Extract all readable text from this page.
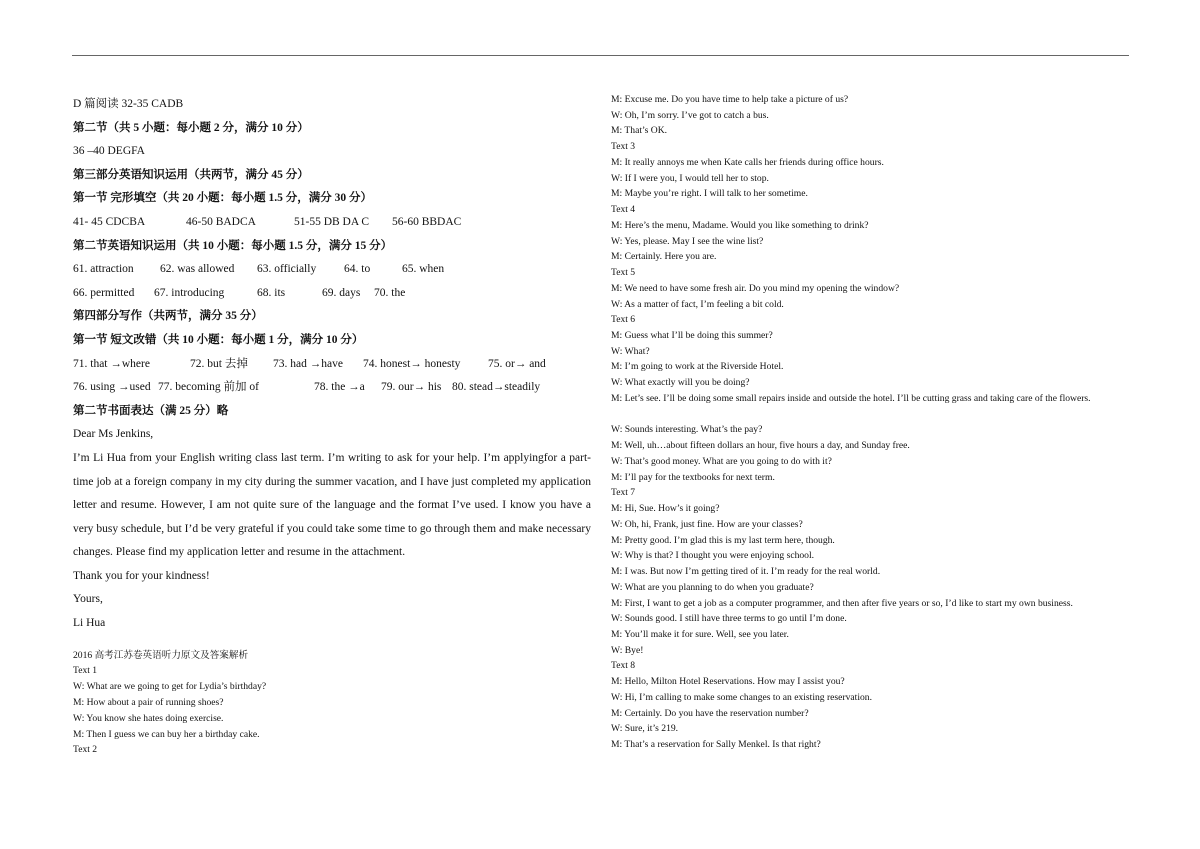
D 篇阅读 32-35 CADB
第二节（共 5 小题：每小题 2 分，满分 10 分）
36 –40 DEGFA
第三部分英语知识运用（共两节，满分 45 分）
第一节 完形填空（共 20 小题：每小题 1.5 分，满分 30 分）
41- 45 CDCBA	46-50 BADCA	51-55 DB DA C 56-60 BBDAC
第二节英语知识运用（共 10 小题：每小题 1.5 分，满分 15 分）
61. attraction 62. was allowed 63. officially 64. to	65. when
66. permitted 67. introducing	68. its	69. days 70. the
第四部分写作（共两节，满分 35 分）
第一节 短文改错（共 10 小题：每小题 1 分，满分 10 分）
71. that →where	72. but 去掉 73. had →have 74. honest→ honesty 75. or→ and
76. using →used 77. becoming 前加 of	78. the →a 79. our→ his 80. stead→steadily
第二节书面表达（满 25 分）略
Dear Ms Jenkins,
I’m Li Hua from your English writing class last term. I’m writing to ask for your help. I’m applyingfor a part-time job at a foreign company in my city during the summer vacation, and I have just completed my application letter and resume. However, I am not quite sure of the language and the format I’ve used. I know you have a very busy schedule, but I’d be very grateful if you could take some time to go through them and make necessary changes. Please find my application letter and resume in the attachment.
Thank you for your kindness!
Yours,
Li Hua
2016 高考江苏卷英语听力原文及答案解析
Text 1
W: What are we going to get for Lydia’s birthday?
M: How about a pair of running shoes?
W: You know she hates doing exercise.
M: Then I guess we can buy her a birthday cake.
Text 2
M: Excuse me. Do you have time to help take a picture of us?
W: Oh, I’m sorry. I’ve got to catch a bus.
M: That’s OK.
Text 3
M: It really annoys me when Kate calls her friends during office hours.
W: If I were you, I would tell her to stop.
M: Maybe you’re right. I will talk to her sometime.
Text 4
M: Here’s the menu, Madame. Would you like something to drink?
W: Yes, please. May I see the wine list?
M: Certainly. Here you are.
Text 5
M: We need to have some fresh air. Do you mind my opening the window?
W: As a matter of fact, I’m feeling a bit cold.
Text 6
M: Guess what I’ll be doing this summer?
W: What?
M: I’m going to work at the Riverside Hotel.
W: What exactly will you be doing?
M: Let’s see. I’ll be doing some small repairs inside and outside the hotel. I’ll be cutting grass and taking care of the flowers.
W: Sounds interesting. What’s the pay?
M: Well, uh…about fifteen dollars an hour, five hours a day, and Sunday free.
W: That’s good money. What are you going to do with it?
M: I’ll pay for the textbooks for next term.
Text 7
M: Hi, Sue. How’s it going?
W: Oh, hi, Frank, just fine. How are your classes?
M: Pretty good. I’m glad this is my last term here, though.
W: Why is that? I thought you were enjoying school.
M: I was. But now I’m getting tired of it. I’m ready for the real world.
W: What are you planning to do when you graduate?
M: First, I want to get a job as a computer programmer, and then after five years or so, I’d like to start my own business.
W: Sounds good. I still have three terms to go until I’m done.
M: You’ll make it for sure. Well, see you later.
W: Bye!
Text 8
M: Hello, Milton Hotel Reservations. How may I assist you?
W: Hi, I’m calling to make some changes to an existing reservation.
M: Certainly. Do you have the reservation number?
W: Sure, it’s 219.
M: That’s a reservation for Sally Menkel. Is that right?
